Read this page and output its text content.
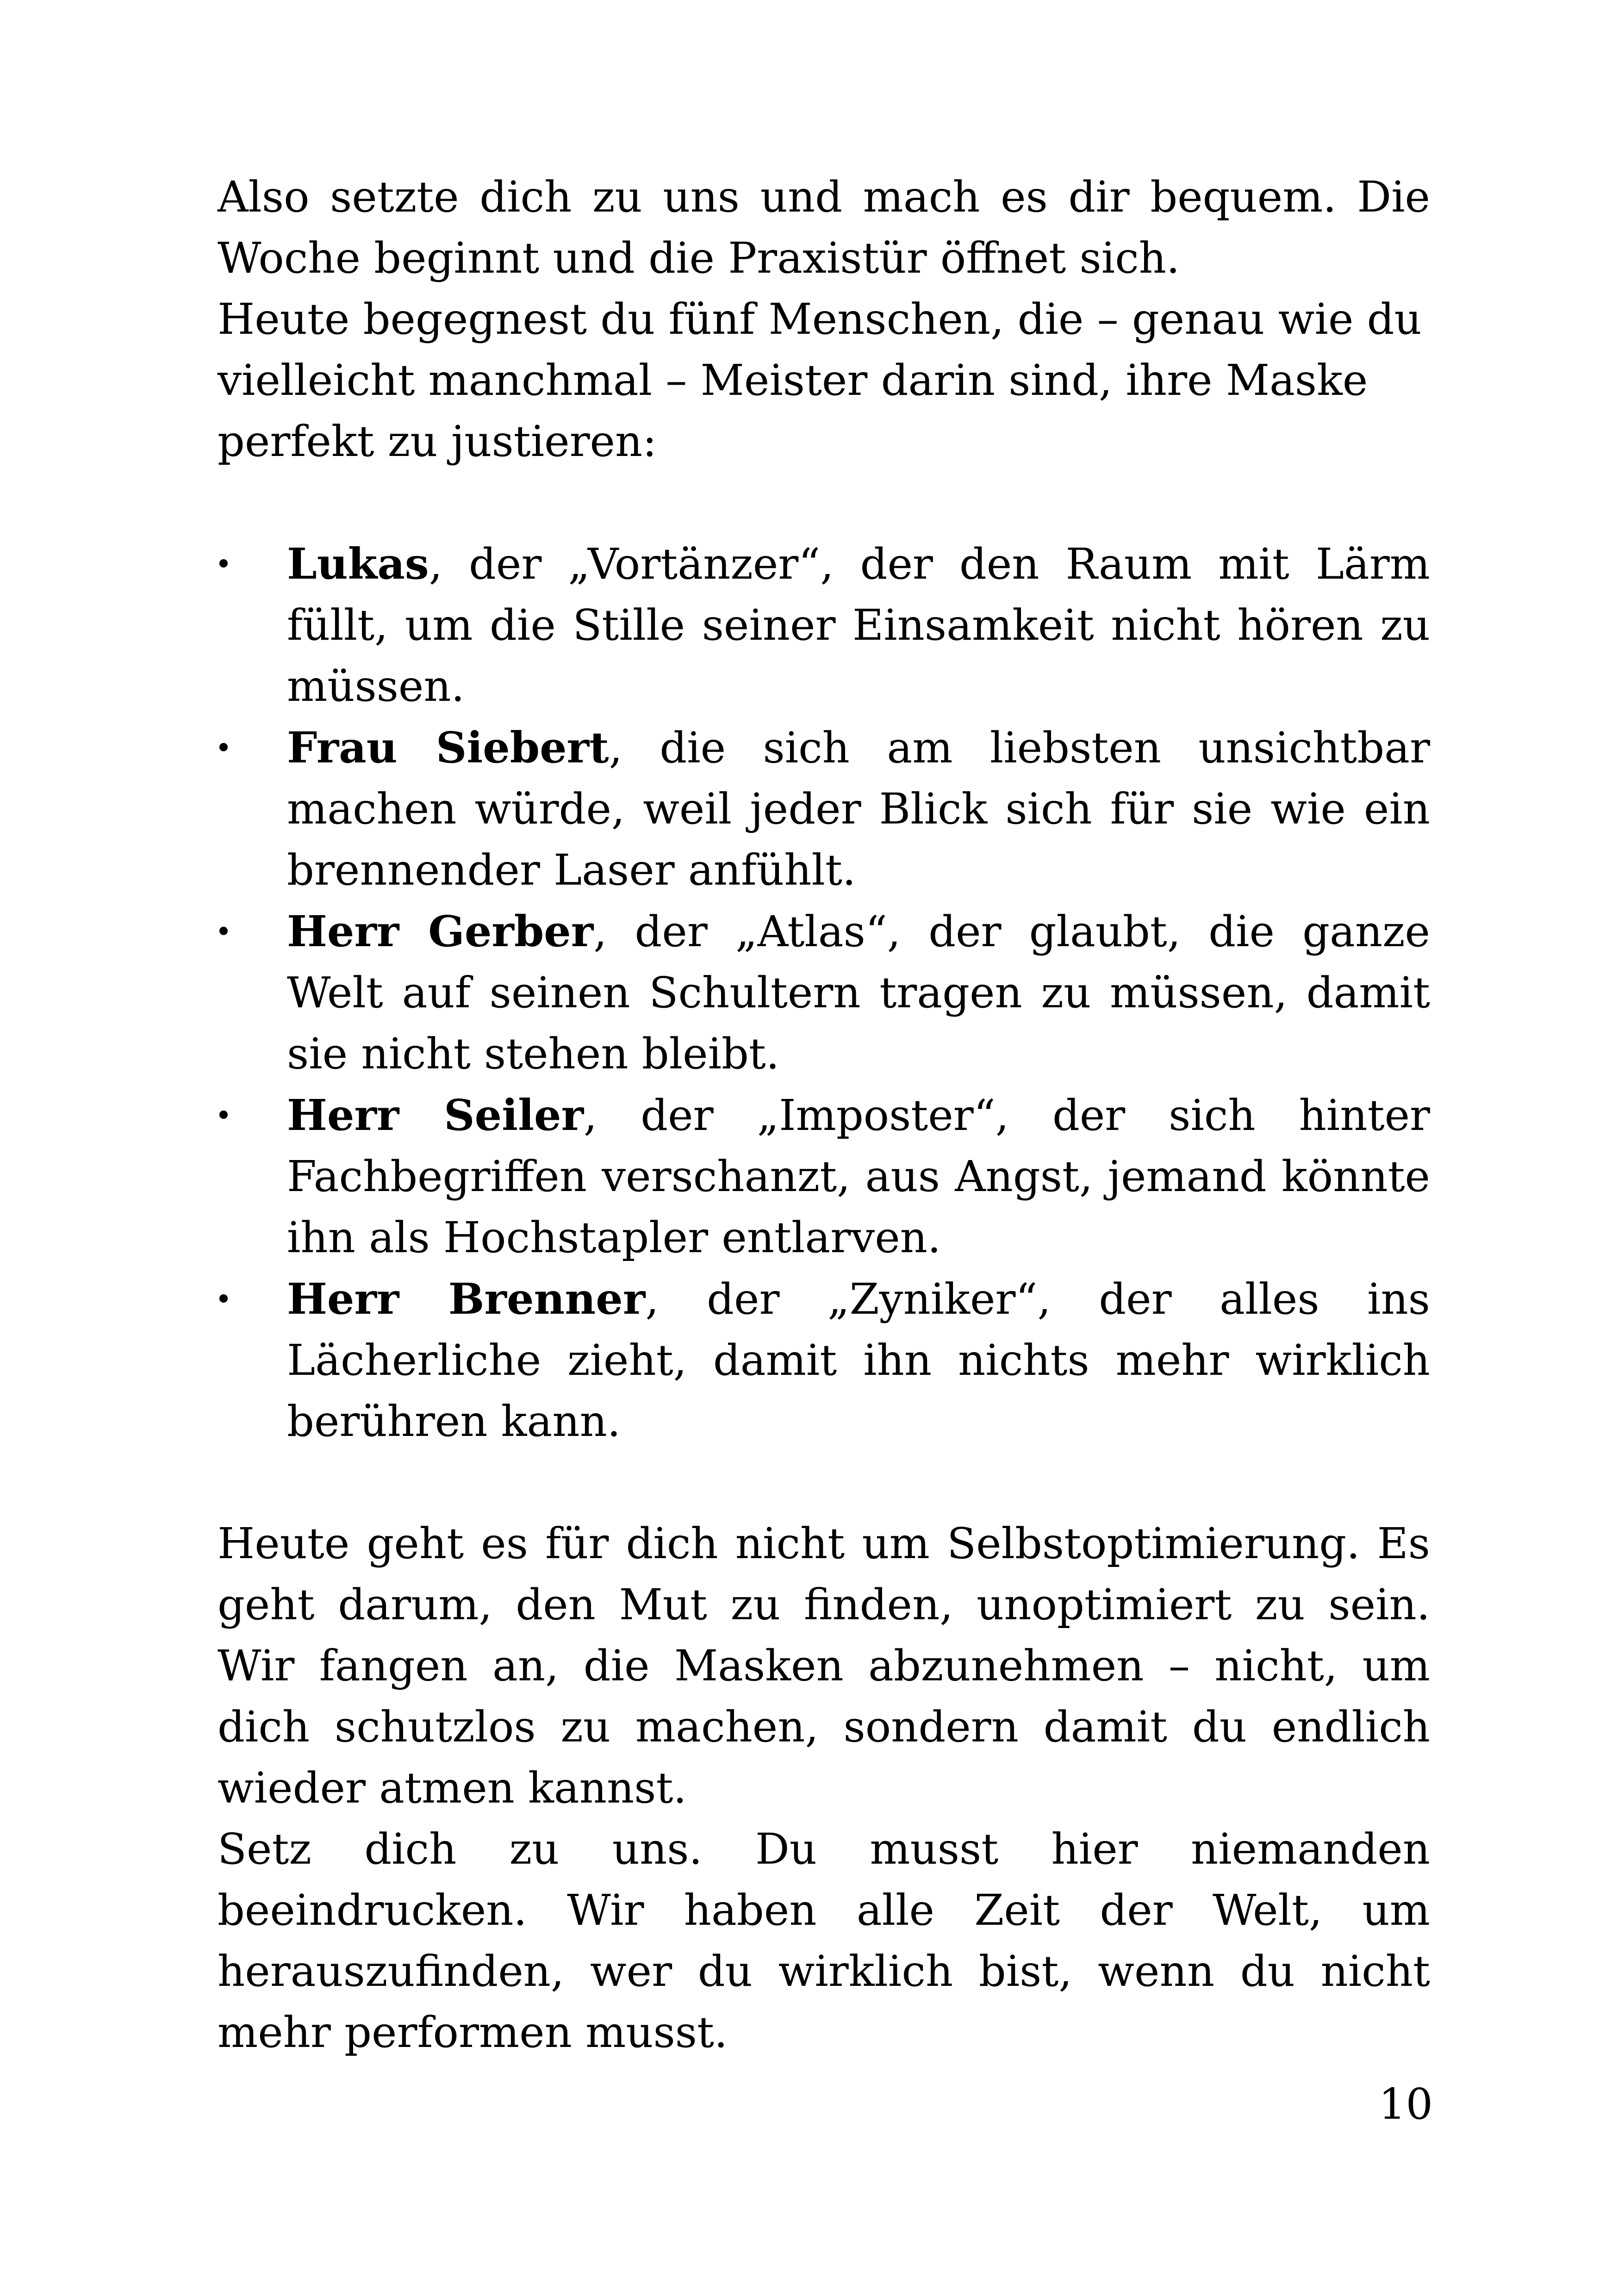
Also setzte dich zu uns und mach es dir bequem. Die Woche beginnt und die Praxistür öffnet sich.

Heute begegnest du fünf Menschen, die – genau wie du vielleicht manchmal – Meister darin sind, ihre Maske perfekt zu justieren:

Lukas, der „Vortänzer“, der den Raum mit Lärm füllt, um die Stille seiner Einsamkeit nicht hören zu müssen.
Frau Siebert, die sich am liebsten unsichtbar machen würde, weil jeder Blick sich für sie wie ein brennender Laser anfühlt.
Herr Gerber, der „Atlas“, der glaubt, die ganze Welt auf seinen Schultern tragen zu müssen, damit sie nicht stehen bleibt.
Herr Seiler, der „Imposter“, der sich hinter Fachbegriffen verschanzt, aus Angst, jemand könnte ihn als Hochstapler entlarven.
Herr Brenner, der „Zyniker“, der alles ins Lächerliche zieht, damit ihn nichts mehr wirklich berühren kann.

Heute geht es für dich nicht um Selbstoptimierung. Es geht darum, den Mut zu finden, unoptimiert zu sein. Wir fangen an, die Masken abzunehmen – nicht, um dich schutzlos zu machen, sondern damit du endlich wieder atmen kannst.

Setz dich zu uns. Du musst hier niemanden beeindrucken. Wir haben alle Zeit der Welt, um herauszufinden, wer du wirklich bist, wenn du nicht mehr performen musst.

10
